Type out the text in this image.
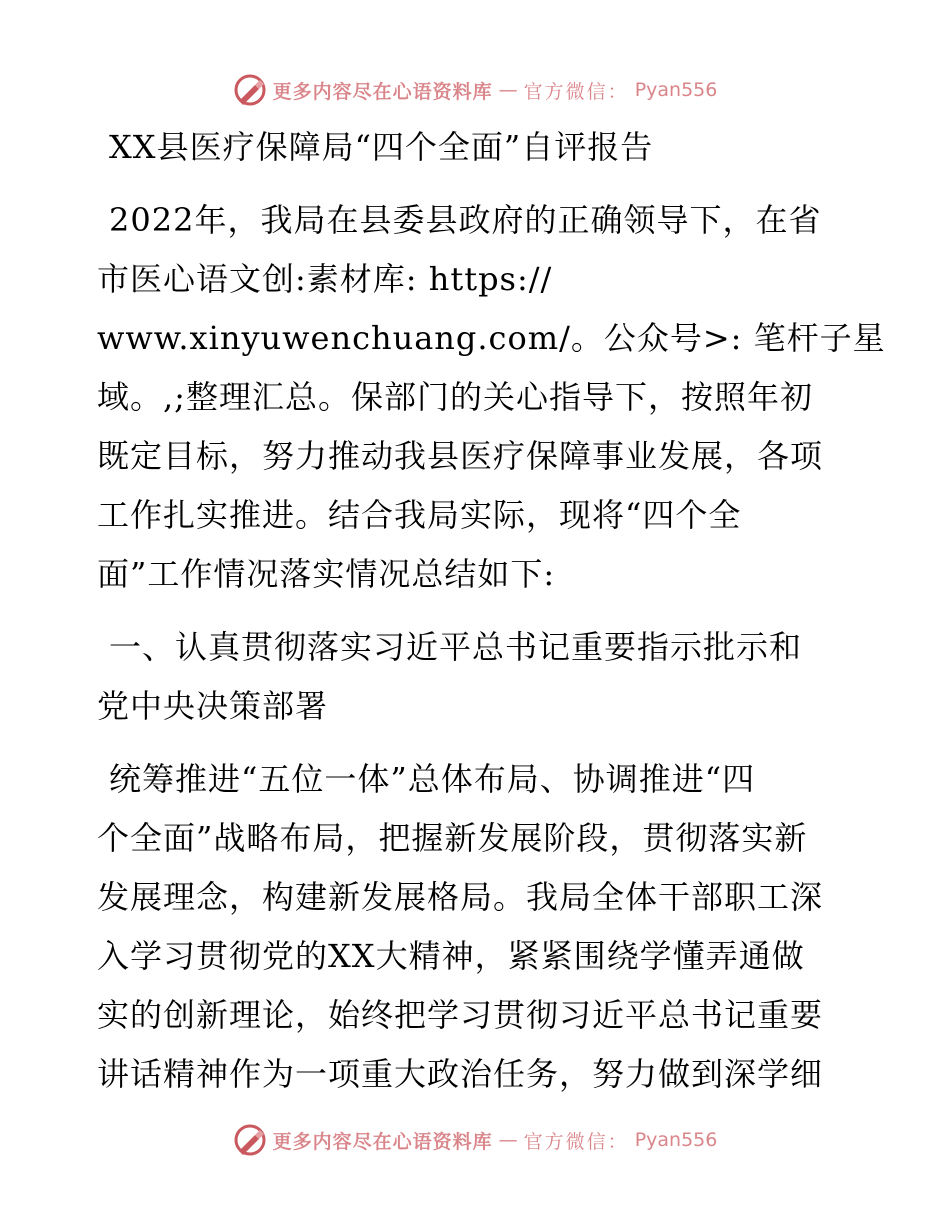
更多内容尽在心语资料库 — 官方微信： Pyan556
XX县医疗保障局“四个全面”自评报告
2022年，我局在县委县政府的正确领导下，在省
市医心语文创:素材库: https://
www.xinyuwenchuang.com/。公众号>: 笔杆子星
域。,;整理汇总。保部门的关心指导下，按照年初
既定目标，努力推动我县医疗保障事业发展，各项
工作扎实推进。结合我局实际，现将“四个全
面”工作情况落实情况总结如下:
一、认真贯彻落实习近平总书记重要指示批示和
党中央决策部署
统筹推进“五位一体”总体布局、协调推进“四
个全面”战略布局，把握新发展阶段，贯彻落实新
发展理念，构建新发展格局。我局全体干部职工深
入学习贯彻党的XX大精神，紧紧围绕学懂弄通做
实的创新理论，始终把学习贯彻习近平总书记重要
讲话精神作为一项重大政治任务，努力做到深学细
更多内容尽在心语资料库 — 官方微信： Pyan556
